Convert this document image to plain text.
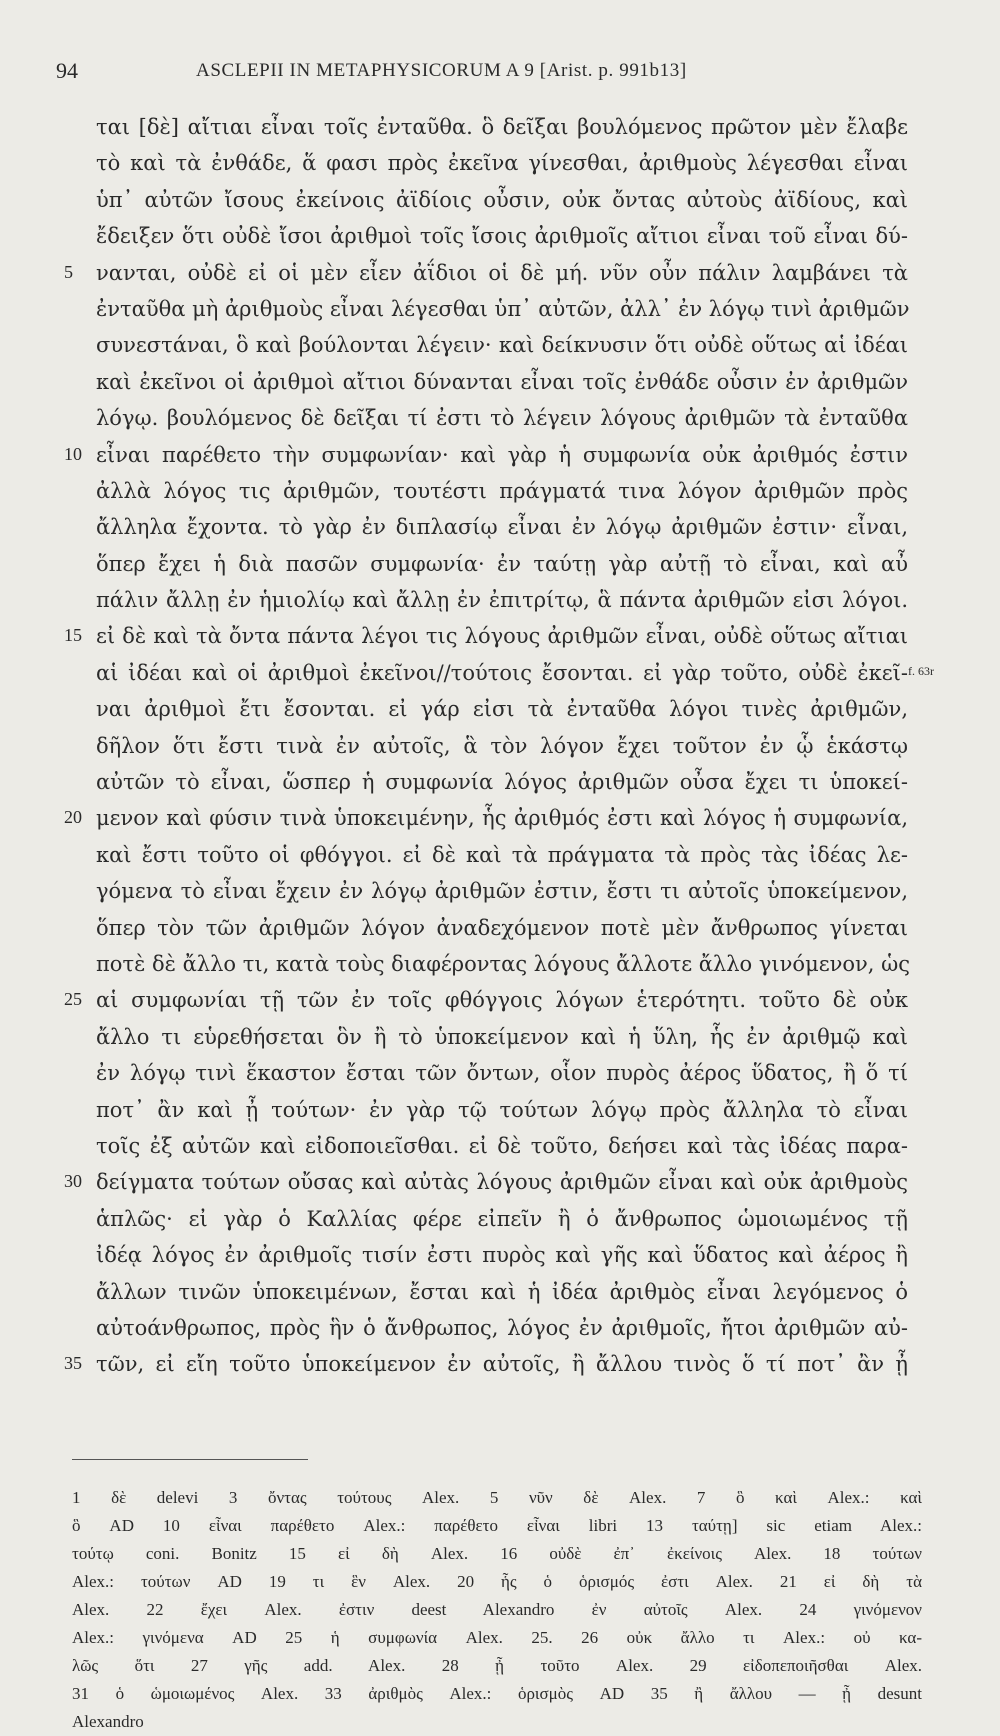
94	ASCLEPII IN METAPHYSICORUM A 9 [Arist. p. 991b13]
ται [δὲ] αἴτιαι εἶναι τοῖς ἐνταῦθα. ὃ δεῖξαι βουλόμενος πρῶτον μὲν ἔλαβε
τὸ καὶ τὰ ἐνθάδε, ἅ φασι πρὸς ἐκεῖνα γίνεσθαι, ἀριθμοὺς λέγεσθαι εἶναι
ὑπ᾿ αὐτῶν ἴσους ἐκείνοις ἀϊδίοις οὖσιν, οὐκ ὄντας αὐτοὺς ἀϊδίους, καὶ
ἔδειξεν ὅτι οὐδὲ ἴσοι ἀριθμοὶ τοῖς ἴσοις ἀριθμοῖς αἴτιοι εἶναι τοῦ εἶναι δύ-
5 νανται, οὐδὲ εἰ οἱ μὲν εἶεν ἀΐδιοι οἱ δὲ μή. νῦν οὖν πάλιν λαμβάνει τὰ
ἐνταῦθα μὴ ἀριθμοὺς εἶναι λέγεσθαι ὑπ᾿ αὐτῶν, ἀλλ᾿ ἐν λόγῳ τινὶ ἀριθμῶν
συνεστάναι, ὃ καὶ βούλονται λέγειν· καὶ δείκνυσιν ὅτι οὐδὲ οὕτως αἱ ἰδέαι
καὶ ἐκεῖνοι οἱ ἀριθμοὶ αἴτιοι δύνανται εἶναι τοῖς ἐνθάδε οὖσιν ἐν ἀριθμῶν
λόγῳ. βουλόμενος δὲ δεῖξαι τί ἐστι τὸ λέγειν λόγους ἀριθμῶν τὰ ἐνταῦθα
10 εἶναι παρέθετο τὴν συμφωνίαν· καὶ γὰρ ἡ συμφωνία οὐκ ἀριθμός ἐστιν
ἀλλὰ λόγος τις ἀριθμῶν, τουτέστι πράγματά τινα λόγον ἀριθμῶν πρὸς
ἄλληλα ἔχοντα. τὸ γὰρ ἐν διπλασίῳ εἶναι ἐν λόγῳ ἀριθμῶν ἐστιν· εἶναι,
ὅπερ ἔχει ἡ διὰ πασῶν συμφωνία· ἐν ταύτῃ γὰρ αὐτῇ τὸ εἶναι, καὶ αὖ
πάλιν ἄλλῃ ἐν ἡμιολίῳ καὶ ἄλλῃ ἐν ἐπιτρίτῳ, ἃ πάντα ἀριθμῶν εἰσι λόγοι.
15 εἰ δὲ καὶ τὰ ὄντα πάντα λέγοι τις λόγους ἀριθμῶν εἶναι, οὐδὲ οὕτως αἴτιαι
αἱ ἰδέαι καὶ οἱ ἀριθμοὶ ἐκεῖνοι//τούτοις ἔσονται. εἰ γὰρ τοῦτο, οὐδὲ ἐκεῖ- f. 63r
ναι ἀριθμοὶ ἔτι ἔσονται. εἰ γάρ εἰσι τὰ ἐνταῦθα λόγοι τινὲς ἀριθμῶν,
δῆλον ὅτι ἔστι τινὰ ἐν αὐτοῖς, ἃ τὸν λόγον ἔχει τοῦτον ἐν ᾧ ἑκάστῳ
αὐτῶν τὸ εἶναι, ὥσπερ ἡ συμφωνία λόγος ἀριθμῶν οὖσα ἔχει τι ὑποκεί-
20 μενον καὶ φύσιν τινὰ ὑποκειμένην, ἧς ἀριθμός ἐστι καὶ λόγος ἡ συμφωνία,
καὶ ἔστι τοῦτο οἱ φθόγγοι. εἰ δὲ καὶ τὰ πράγματα τὰ πρὸς τὰς ἰδέας λε-
γόμενα τὸ εἶναι ἔχειν ἐν λόγῳ ἀριθμῶν ἐστιν, ἔστι τι αὐτοῖς ὑποκείμενον,
ὅπερ τὸν τῶν ἀριθμῶν λόγον ἀναδεχόμενον ποτὲ μὲν ἄνθρωπος γίνεται
ποτὲ δὲ ἄλλο τι, κατὰ τοὺς διαφέροντας λόγους ἄλλοτε ἄλλο γινόμενον, ὡς
25 αἱ συμφωνίαι τῇ τῶν ἐν τοῖς φθόγγοις λόγων ἑτερότητι. τοῦτο δὲ οὐκ
ἄλλο τι εὑρεθήσεται ὃν ἢ τὸ ὑποκείμενον καὶ ἡ ὕλη, ἧς ἐν ἀριθμῷ καὶ
ἐν λόγῳ τινὶ ἕκαστον ἔσται τῶν ὄντων, οἷον πυρὸς ἀέρος ὕδατος, ἢ ὅ τί
ποτ᾿ ἂν καὶ ᾖ τούτων· ἐν γὰρ τῷ τούτων λόγῳ πρὸς ἄλληλα τὸ εἶναι
τοῖς ἐξ αὐτῶν καὶ εἰδοποιεῖσθαι. εἰ δὲ τοῦτο, δεήσει καὶ τὰς ἰδέας παρα-
30 δείγματα τούτων οὔσας καὶ αὐτὰς λόγους ἀριθμῶν εἶναι καὶ οὐκ ἀριθμοὺς
ἁπλῶς· εἰ γὰρ ὁ Καλλίας φέρε εἰπεῖν ἢ ὁ ἄνθρωπος ὡμοιωμένος τῇ
ἰδέᾳ λόγος ἐν ἀριθμοῖς τισίν ἐστι πυρὸς καὶ γῆς καὶ ὕδατος καὶ ἀέρος ἢ
ἄλλων τινῶν ὑποκειμένων, ἔσται καὶ ἡ ἰδέα ἀριθμὸς εἶναι λεγόμενος ὁ
αὐτοάνθρωπος, πρὸς ἣν ὁ ἄνθρωπος, λόγος ἐν ἀριθμοῖς, ἤτοι ἀριθμῶν αὐ-
35 τῶν, εἰ εἴη τοῦτο ὑποκείμενον ἐν αὐτοῖς, ἢ ἄλλου τινὸς ὅ τί ποτ᾿ ἂν ᾖ
1 δὲ delevi 3 ὄντας τούτους Alex. 5 νῦν δὲ Alex. 7 ὃ καὶ Alex.: καὶ
ὃ AD 10 εἶναι παρέθετο Alex.: παρέθετο εἶναι libri 13 ταύτῃ] sic etiam Alex.:
τούτῳ coni. Bonitz 15 εἰ δὴ Alex. 16 οὐδὲ ἐπ᾿ ἐκείνοις Alex. 18 τούτων
Alex.: τούτων AD 19 τι ἓν Alex. 20 ἧς ὁ ὁρισμός ἐστι Alex. 21 εἰ δὴ τὰ
Alex. 22 ἔχει Alex. ἐστιν deest Alexandro ἐν αὐτοῖς Alex. 24 γινόμενον
Alex.: γινόμενα AD 25 ἡ συμφωνία Alex. 25. 26 οὐκ ἄλλο τι Alex.: οὐ κα-
λῶς ὅτι 27 γῆς add. Alex. 28 ᾖ τοῦτο Alex. 29 εἰδοπεποιῆσθαι Alex.
31 ὁ ὡμοιωμένος Alex. 33 ἀριθμὸς Alex.: ὁρισμὸς AD 35 ἢ ἄλλου — ᾖ desunt
Alexandro
